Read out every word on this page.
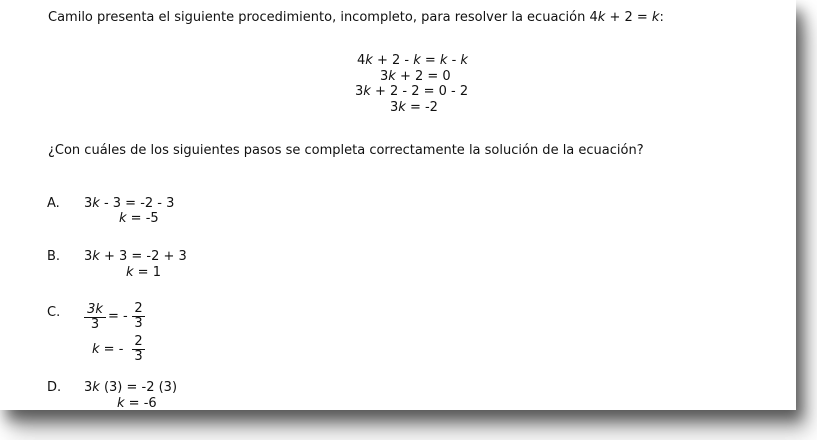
Camilo presenta el siguiente procedimiento, incompleto, para resolver la ecuación 4k + 2 = k:
4k + 2 - k = k - k
3k + 2 = 0
3k + 2 - 2 = 0 - 2
3k = -2
¿Con cuáles de los siguientes pasos se completa correctamente la solución de la ecuación?
A. 3k - 3 = -2 - 3
k = -5
B. 3k + 3 = -2 + 3
k = 1
C. $\frac{3k}{3}$ = - $\frac{2}{3}$
k = - $\frac{2}{3}$
D. 3k (3) = -2 (3)
k = -6
